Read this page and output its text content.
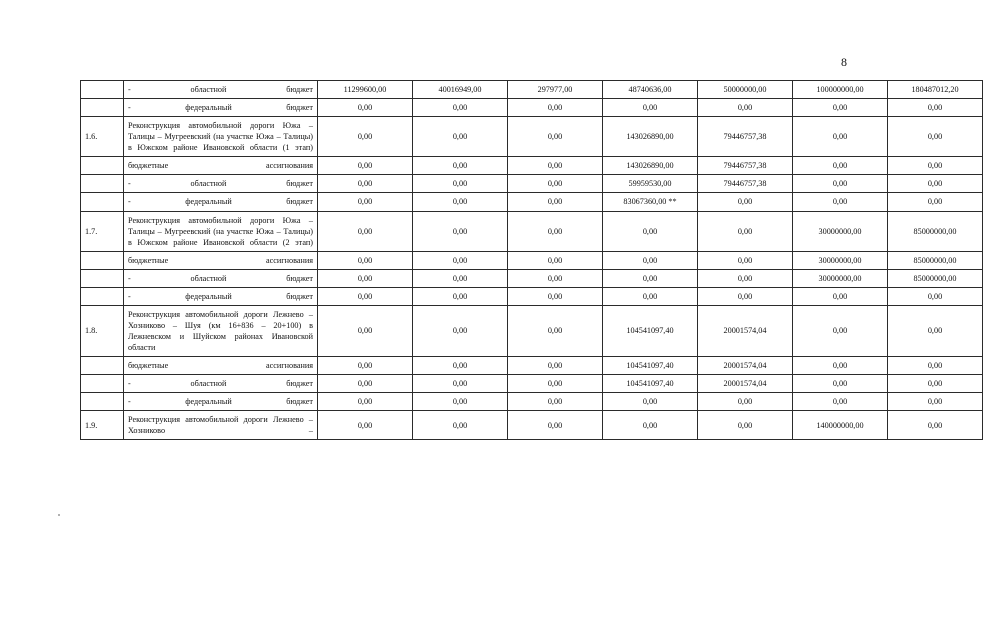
8
	- областной бюджет	11299600,00	40016949,00	297977,00	48740636,00	50000000,00	100000000,00	180487012,20
	- федеральный бюджет	0,00	0,00	0,00	0,00	0,00	0,00	0,00
1.6.	Реконструкция автомобильной дороги Южа – Талицы – Мугреевский (на участке Южа – Талицы) в Южском районе Ивановской области (1 этап)	0,00	0,00	0,00	143026890,00	79446757,38	0,00	0,00
	бюджетные ассигнования	0,00	0,00	0,00	143026890,00	79446757,38	0,00	0,00
	- областной бюджет	0,00	0,00	0,00	59959530,00	79446757,38	0,00	0,00
	- федеральный бюджет	0,00	0,00	0,00	83067360,00 **	0,00	0,00	0,00
1.7.	Реконструкция автомобильной дороги Южа – Талицы – Мугреевский (на участке Южа – Талицы) в Южском районе Ивановской области (2 этап)	0,00	0,00	0,00	0,00	0,00	30000000,00	85000000,00
	бюджетные ассигнования	0,00	0,00	0,00	0,00	0,00	30000000,00	85000000,00
	- областной бюджет	0,00	0,00	0,00	0,00	0,00	30000000,00	85000000,00
	- федеральный бюджет	0,00	0,00	0,00	0,00	0,00	0,00	0,00
1.8.	Реконструкция автомобильной дороги Лежнево – Хозниково – Шуя (км 16+836 – 20+100) в Лежневском и Шуйском районах Ивановской области	0,00	0,00	0,00	104541097,40	20001574,04	0,00	0,00
	бюджетные ассигнования	0,00	0,00	0,00	104541097,40	20001574,04	0,00	0,00
	- областной бюджет	0,00	0,00	0,00	104541097,40	20001574,04	0,00	0,00
	- федеральный бюджет	0,00	0,00	0,00	0,00	0,00	0,00	0,00
1.9.	Реконструкция автомобильной дороги Лежнево – Хозниково –	0,00	0,00	0,00	0,00	0,00	140000000,00	0,00
